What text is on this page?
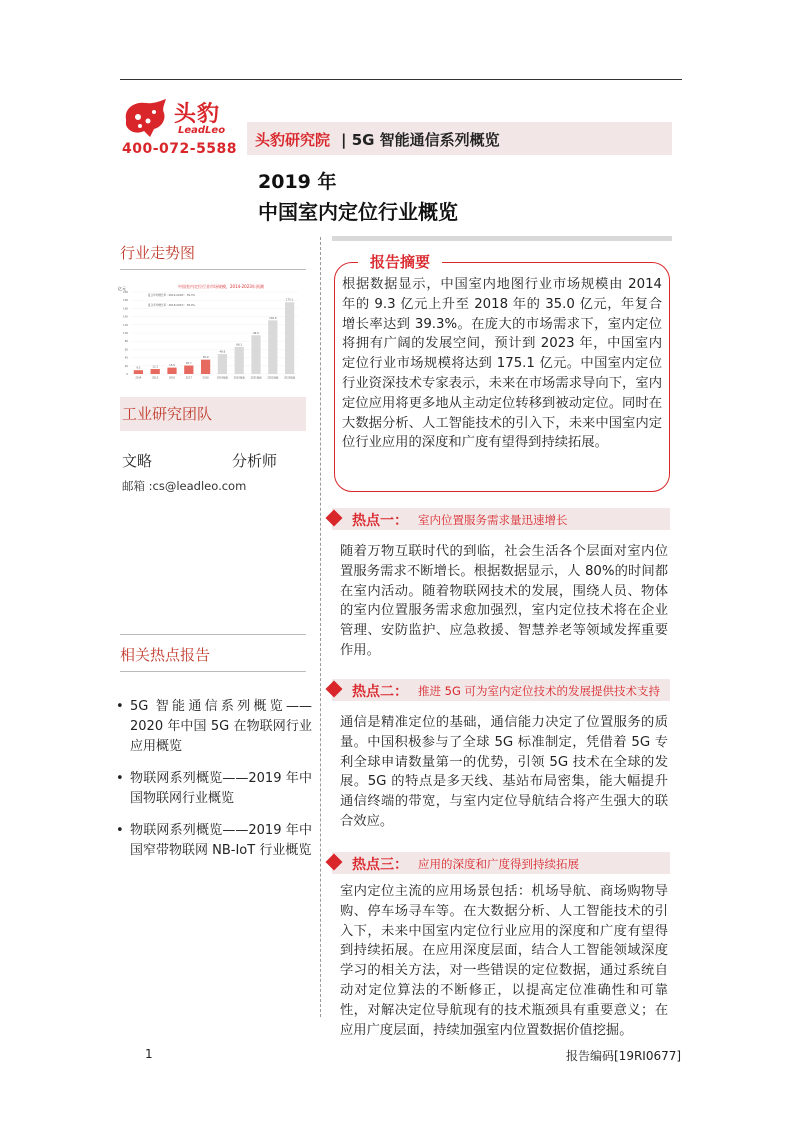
头豹
LeadLeo
400-072-5588 头豹研究院 | 5G 智能通信系列概览
2019 年
中国室内定位行业概览
行业走势图
中国室内定位行业市场规模，2014-2023年预测
亿元
复合年均增长率（2014-2018）：39.3%
复合年均增长率（2018-2023）：38.0%
0
20
40
60
80
100
120
140
160
180
200
9.3
2014
12.1
2015
15.6
2016
20.7
2017
35.0
2018
48.6
2019预测
66.1
2020预测
94.5
2021预测
130.9
2022预测
175.1
2023预测
工业研究团队
文略	分析师
邮箱 :cs@leadleo.com
相关热点报告
• 5G 智能通信系列概览——2020 年中国 5G 在物联网行业应用概览
• 物联网系列概览——2019 年中国物联网行业概览
• 物联网系列概览——2019 年中国窄带物联网 NB-IoT 行业概览
报告摘要
根据数据显示，中国室内地图行业市场规模由 2014 年的 9.3 亿元上升至 2018 年的 35.0 亿元，年复合增长率达到 39.3%。在庞大的市场需求下，室内定位将拥有广阔的发展空间，预计到 2023 年，中国室内定位行业市场规模将达到 175.1 亿元。中国室内定位行业资深技术专家表示，未来在市场需求导向下，室内定位应用将更多地从主动定位转移到被动定位。同时在大数据分析、人工智能技术的引入下，未来中国室内定位行业应用的深度和广度有望得到持续拓展。
热点一： 室内位置服务需求量迅速增长
随着万物互联时代的到临，社会生活各个层面对室内位置服务需求不断增长。根据数据显示，人 80%的时间都在室内活动。随着物联网技术的发展，围绕人员、物体的室内位置服务需求愈加强烈，室内定位技术将在企业管理、安防监护、应急救援、智慧养老等领域发挥重要作用。
热点二： 推进 5G 可为室内定位技术的发展提供技术支持
通信是精准定位的基础，通信能力决定了位置服务的质量。中国积极参与了全球 5G 标准制定，凭借着 5G 专利全球申请数量第一的优势，引领 5G 技术在全球的发展。5G 的特点是多天线、基站布局密集，能大幅提升通信终端的带宽，与室内定位导航结合将产生强大的联合效应。
热点三： 应用的深度和广度得到持续拓展
室内定位主流的应用场景包括：机场导航、商场购物导购、停车场寻车等。在大数据分析、人工智能技术的引入下，未来中国室内定位行业应用的深度和广度有望得到持续拓展。在应用深度层面，结合人工智能领域深度学习的相关方法，对一些错误的定位数据，通过系统自动对定位算法的不断修正，以提高定位准确性和可靠性，对解决定位导航现有的技术瓶颈具有重要意义；在应用广度层面，持续加强室内位置数据价值挖掘。
1	报告编码[19RI0677]
